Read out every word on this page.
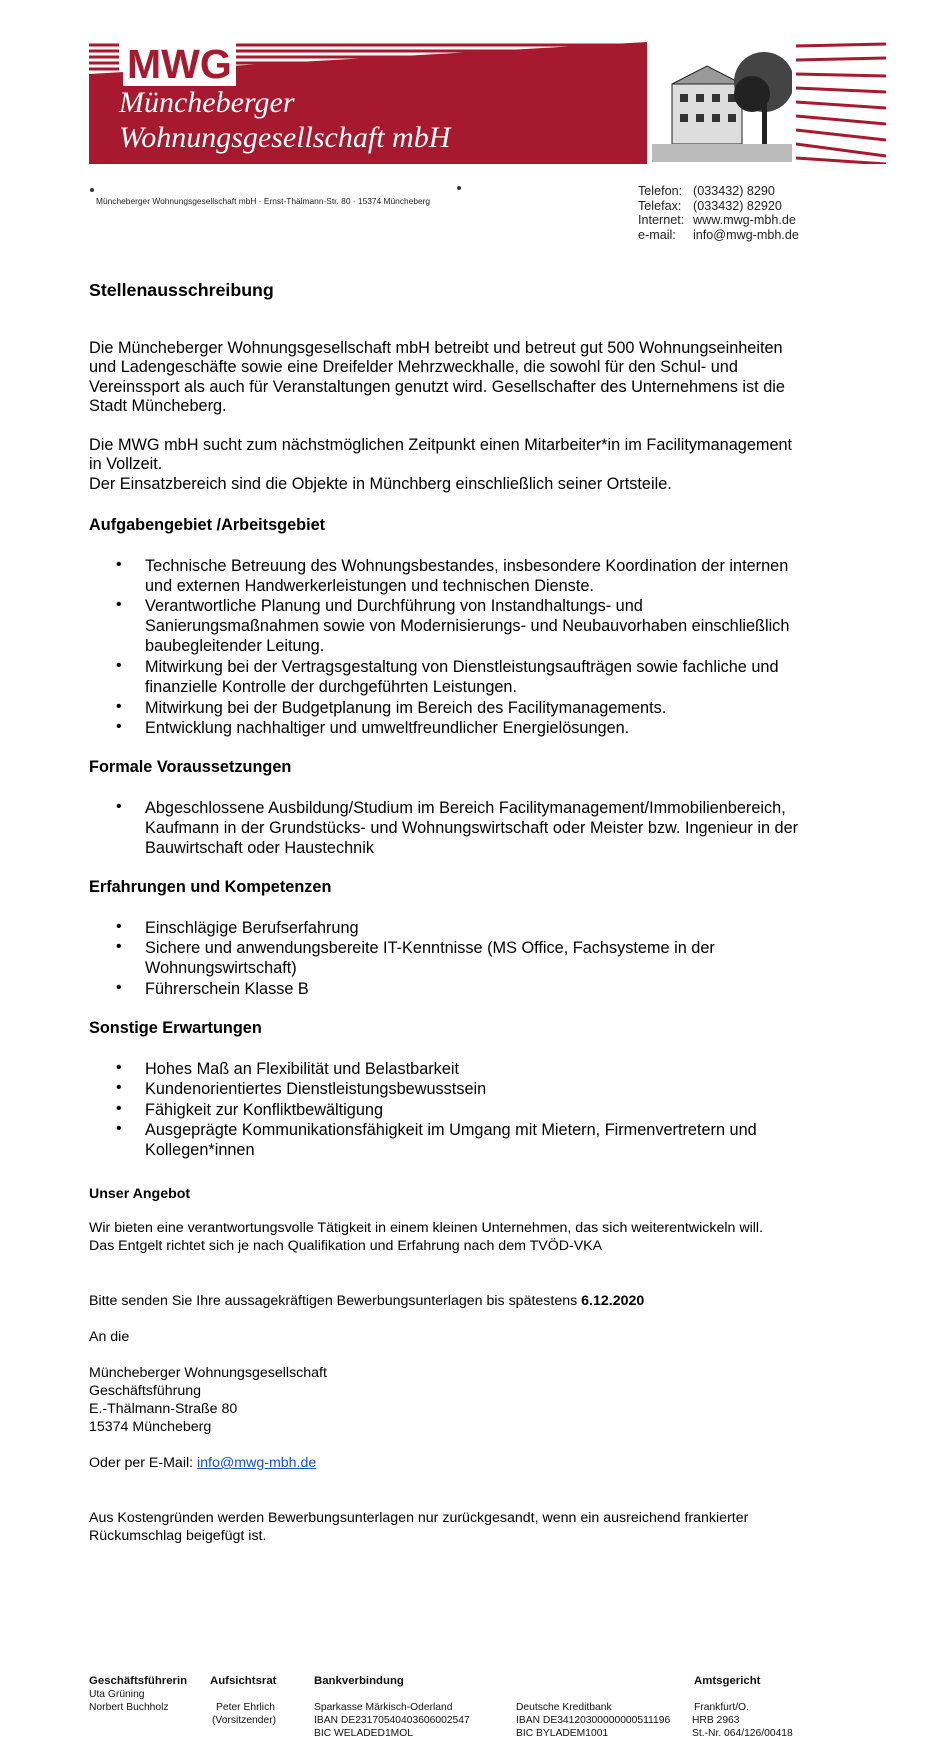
MWG
Müncheberger
Wohnungsgesellschaft mbH
Müncheberger Wohnungsgesellschaft mbH · Ernst-Thälmann-Str. 80 · 15374 Müncheberg
Telefon: (033432) 8290
Telefax: (033432) 82920
Internet: www.mwg-mbh.de
e-mail:	info@mwg-mbh.de
Stellenausschreibung
Die Müncheberger Wohnungsgesellschaft mbH betreibt und betreut gut 500 Wohnungseinheiten
und Ladengeschäfte sowie eine Dreifelder Mehrzweckhalle, die sowohl für den Schul- und
Vereinssport als auch für Veranstaltungen genutzt wird. Gesellschafter des Unternehmens ist die
Stadt Müncheberg.
Die MWG mbH sucht zum nächstmöglichen Zeitpunkt einen Mitarbeiter*in im Facilitymanagement
in Vollzeit.
Der Einsatzbereich sind die Objekte in Münchberg einschließlich seiner Ortsteile.
Aufgabengebiet /Arbeitsgebiet
• Technische Betreuung des Wohnungsbestandes, insbesondere Koordination der internen
und externen Handwerkerleistungen und technischen Dienste.
• Verantwortliche Planung und Durchführung von Instandhaltungs- und
Sanierungsmaßnahmen sowie von Modernisierungs- und Neubauvorhaben einschließlich
baubegleitender Leitung.
• Mitwirkung bei der Vertragsgestaltung von Dienstleistungsaufträgen sowie fachliche und
finanzielle Kontrolle der durchgeführten Leistungen.
• Mitwirkung bei der Budgetplanung im Bereich des Facilitymanagements.
• Entwicklung nachhaltiger und umweltfreundlicher Energielösungen.
Formale Voraussetzungen
• Abgeschlossene Ausbildung/Studium im Bereich Facilitymanagement/Immobilienbereich,
Kaufmann in der Grundstücks- und Wohnungswirtschaft oder Meister bzw. Ingenieur in der
Bauwirtschaft oder Haustechnik
Erfahrungen und Kompetenzen
• Einschlägige Berufserfahrung
• Sichere und anwendungsbereite IT-Kenntnisse (MS Office, Fachsysteme in der
Wohnungswirtschaft)
• Führerschein Klasse B
Sonstige Erwartungen
• Hohes Maß an Flexibilität und Belastbarkeit
• Kundenorientiertes Dienstleistungsbewusstsein
• Fähigkeit zur Konfliktbewältigung
• Ausgeprägte Kommunikationsfähigkeit im Umgang mit Mietern, Firmenvertretern und
Kollegen*innen
Unser Angebot
Wir bieten eine verantwortungsvolle Tätigkeit in einem kleinen Unternehmen, das sich weiterentwickeln will.
Das Entgelt richtet sich je nach Qualifikation und Erfahrung nach dem TVÖD-VKA
Bitte senden Sie Ihre aussagekräftigen Bewerbungsunterlagen bis spätestens 6.12.2020
An die
Müncheberger Wohnungsgesellschaft
Geschäftsführung
E.-Thälmann-Straße 80
15374 Müncheberg
Oder per E-Mail: info@mwg-mbh.de
Aus Kostengründen werden Bewerbungsunterlagen nur zurückgesandt, wenn ein ausreichend frankierter
Rückumschlag beigefügt ist.
Geschäftsführerin
Uta Grüning
Norbert Buchholz
Aufsichtsrat
Peter Ehrlich
(Vorsitzender)
Bankverbindung
Sparkasse Märkisch-Oderland
IBAN DE23170540403606002547
BIC WELADED1MOL
Deutsche Kreditbank
IBAN DE34120300000000511196
BIC BYLADEM1001
Amtsgericht
Frankfurt/O.
HRB 2963
St.-Nr. 064/126/00418
